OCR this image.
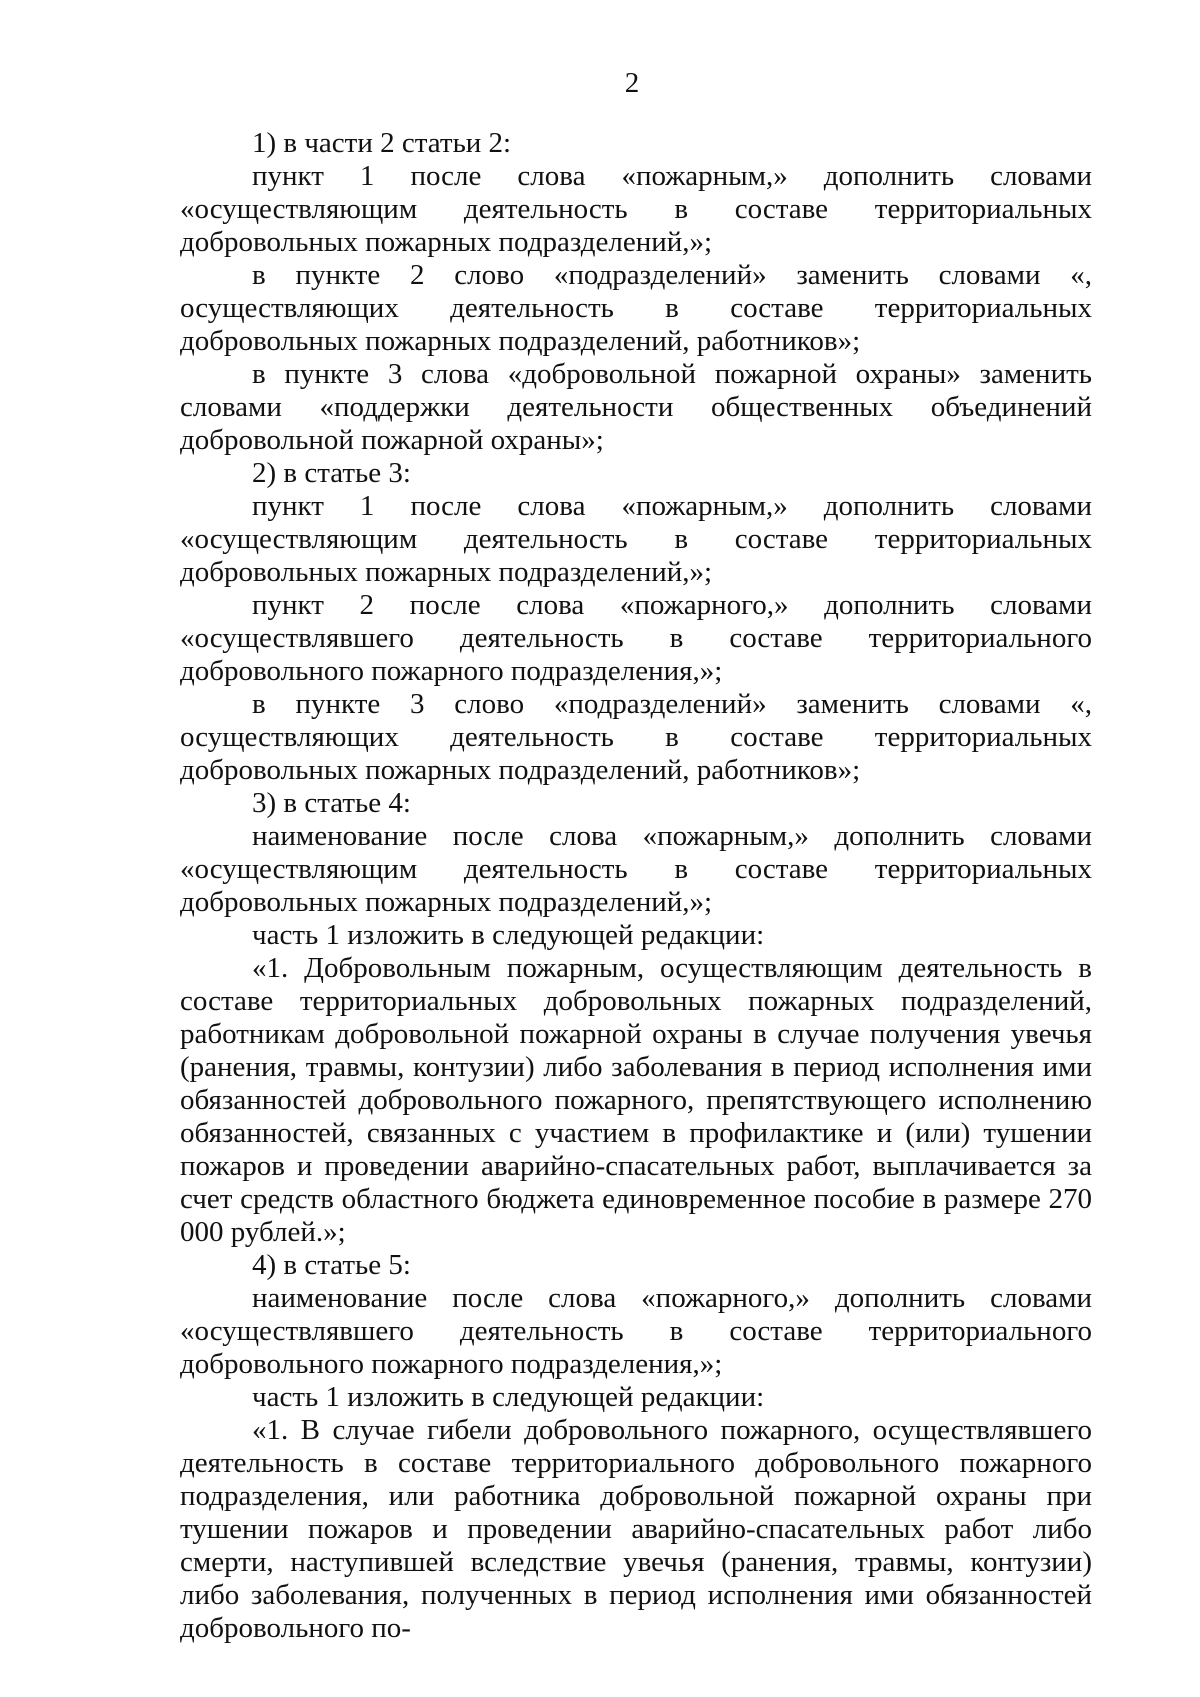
2

1) в части 2 статьи 2:

пункт 1 после слова «пожарным,» дополнить словами «осуществляющим деятельность в составе территориальных добровольных пожарных подразделений,»;

в пункте 2 слово «подразделений» заменить словами «, осуществляющих деятельность в составе территориальных добровольных пожарных подразделений, работников»;

в пункте 3 слова «добровольной пожарной охраны» заменить словами «поддержки деятельности общественных объединений добровольной пожарной охраны»;

2) в статье 3:

пункт 1 после слова «пожарным,» дополнить словами «осуществляющим деятельность в составе территориальных добровольных пожарных подразделений,»;

пункт 2 после слова «пожарного,» дополнить словами «осуществлявшего деятельность в составе территориального добровольного пожарного подразделения,»;

в пункте 3 слово «подразделений» заменить словами «, осуществляющих деятельность в составе территориальных добровольных пожарных подразделений, работников»;

3) в статье 4:

наименование после слова «пожарным,» дополнить словами «осуществляющим деятельность в составе территориальных добровольных пожарных подразделений,»;

часть 1 изложить в следующей редакции:

«1. Добровольным пожарным, осуществляющим деятельность в составе территориальных добровольных пожарных подразделений, работникам добровольной пожарной охраны в случае получения увечья (ранения, травмы, контузии) либо заболевания в период исполнения ими обязанностей добровольного пожарного, препятствующего исполнению обязанностей, связанных с участием в профилактике и (или) тушении пожаров и проведении аварийно-спасательных работ, выплачивается за счет средств областного бюджета единовременное пособие в размере 270 000 рублей.»;

4) в статье 5:

наименование после слова «пожарного,» дополнить словами «осуществлявшего деятельность в составе территориального добровольного пожарного подразделения,»;

часть 1 изложить в следующей редакции:

«1. В случае гибели добровольного пожарного, осуществлявшего деятельность в составе территориального добровольного пожарного подразделения, или работника добровольной пожарной охраны при тушении пожаров и проведении аварийно-спасательных работ либо смерти, наступившей вследствие увечья (ранения, травмы, контузии) либо заболевания, полученных в период исполнения ими обязанностей добровольного по-
